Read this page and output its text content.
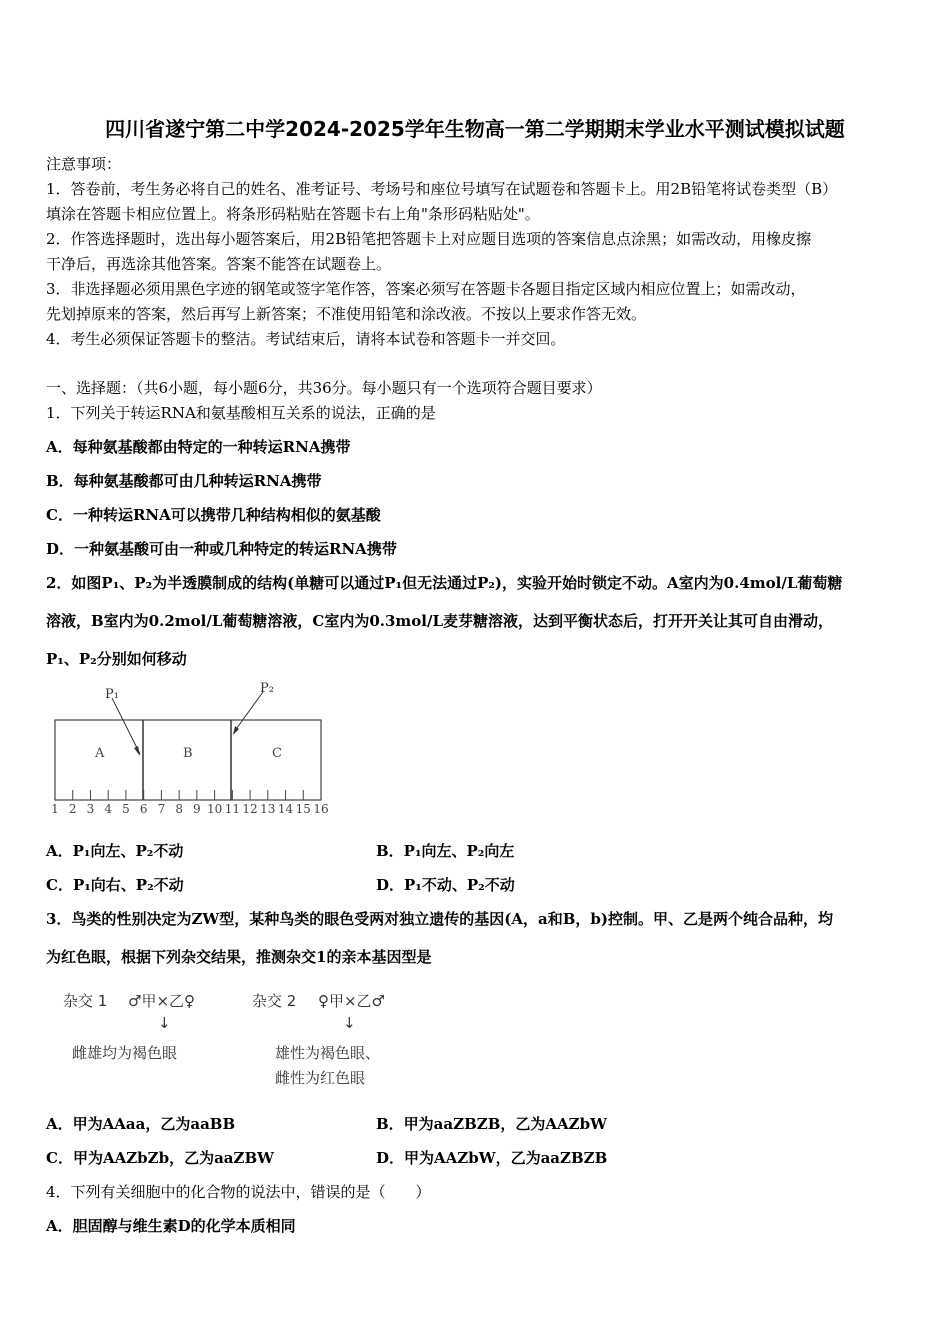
四川省遂宁第二中学2024-2025学年生物高一第二学期期末学业水平测试模拟试题
注意事项：
1．答卷前，考生务必将自己的姓名、准考证号、考场号和座位号填写在试题卷和答题卡上。用2B铅笔将试卷类型（B）
填涂在答题卡相应位置上。将条形码粘贴在答题卡右上角"条形码粘贴处"。
2．作答选择题时，选出每小题答案后，用2B铅笔把答题卡上对应题目选项的答案信息点涂黑；如需改动，用橡皮擦
干净后，再选涂其他答案。答案不能答在试题卷上。
3．非选择题必须用黑色字迹的钢笔或签字笔作答，答案必须写在答题卡各题目指定区域内相应位置上；如需改动，
先划掉原来的答案，然后再写上新答案；不准使用铅笔和涂改液。不按以上要求作答无效。
4．考生必须保证答题卡的整洁。考试结束后，请将本试卷和答题卡一并交回。
一、选择题：（共6小题，每小题6分，共36分。每小题只有一个选项符合题目要求）
1．下列关于转运RNA和氨基酸相互关系的说法，正确的是
A．每种氨基酸都由特定的一种转运RNA携带
B．每种氨基酸都可由几种转运RNA携带
C．一种转运RNA可以携带几种结构相似的氨基酸
D．一种氨基酸可由一种或几种特定的转运RNA携带
2．如图P₁、P₂为半透膜制成的结构(单糖可以通过P₁但无法通过P₂)，实验开始时锁定不动。A室内为0.4mol/L葡萄糖
溶液，B室内为0.2mol/L葡萄糖溶液，C室内为0.3mol/L麦芽糖溶液，达到平衡状态后，打开开关让其可自由滑动，
P₁、P₂分别如何移动
P₁	P₂
A	B	C
1 2 3 4 5 6 7 8 9 10 11 12 13 14 15 16
A．P₁向左、P₂不动	B．P₁向左、P₂向左
C．P₁向右、P₂不动	D．P₁不动、P₂不动
3．鸟类的性别决定为ZW型，某种鸟类的眼色受两对独立遗传的基因(A，a和B，b)控制。甲、乙是两个纯合品种，均
为红色眼，根据下列杂交结果，推测杂交1的亲本基因型是
杂交 1 ♂甲×乙♀
↓
雌雄均为褐色眼
杂交 2 ♀甲×乙♂
↓
雄性为褐色眼、
雌性为红色眼
A．甲为AAaa，乙为aaBB	B．甲为aaZBZB，乙为AAZbW
C．甲为AAZbZb，乙为aaZBW	D．甲为AAZbW，乙为aaZBZB
4．下列有关细胞中的化合物的说法中，错误的是（　　）
A．胆固醇与维生素D的化学本质相同
